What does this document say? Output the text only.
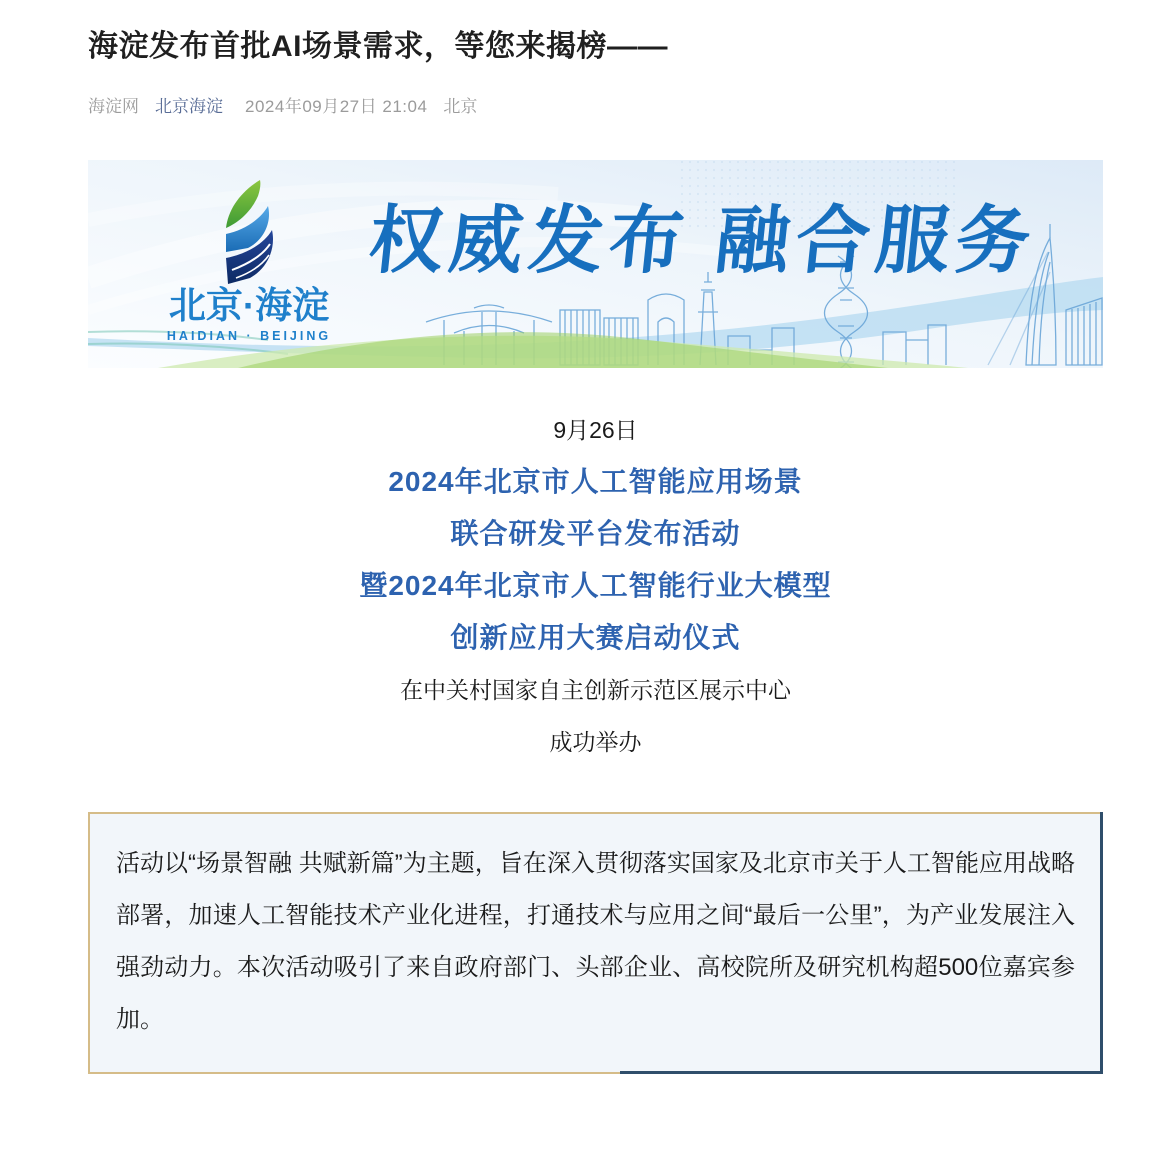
海淀发布首批AI场景需求，等您来揭榜——
海淀网 北京海淀 2024年09月27日 21:04 北京
北京·海淀
HAIDIAN · BEIJING
权威发布 融合服务

9月26日

2024年北京市人工智能应用场景

联合研发平台发布活动

暨2024年北京市人工智能行业大模型

创新应用大赛启动仪式

在中关村国家自主创新示范区展示中心

成功举办

活动以“场景智融 共赋新篇”为主题，旨在深入贯彻落实国家及北京市关于人工智能应用战略部署，加速人工智能技术产业化进程，打通技术与应用之间“最后一公里”，为产业发展注入强劲动力。本次活动吸引了来自政府部门、头部企业、高校院所及研究机构超500位嘉宾参加。
